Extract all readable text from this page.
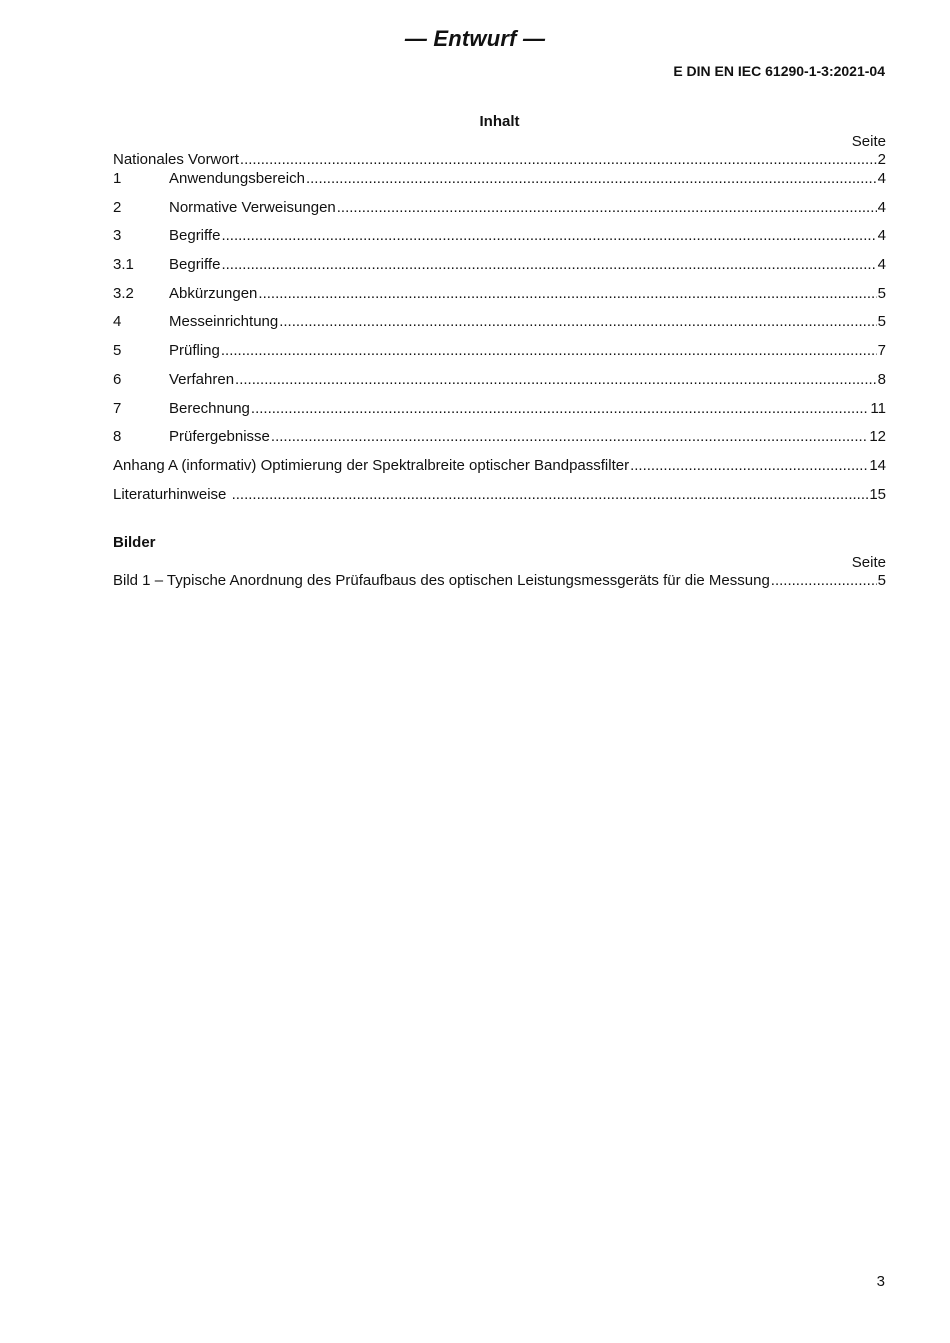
— Entwurf —
E DIN EN IEC 61290-1-3:2021-04
Inhalt
Seite
Nationales Vorwort .....	2
1	Anwendungsbereich .....	4
2	Normative Verweisungen .....	4
3	Begriffe .....	4
3.1	Begriffe .....	4
3.2	Abkürzungen .....	5
4	Messeinrichtung .....	5
5	Prüfling .....	7
6	Verfahren .....	8
7	Berechnung .....	11
8	Prüfergebnisse .....	12
Anhang A (informativ) Optimierung der Spektralbreite optischer Bandpassfilter .....	14
Literaturhinweise .....	15
Bilder
Seite
Bild 1 – Typische Anordnung des Prüfaufbaus des optischen Leistungsmessgeräts für die Messung .....	5
3
